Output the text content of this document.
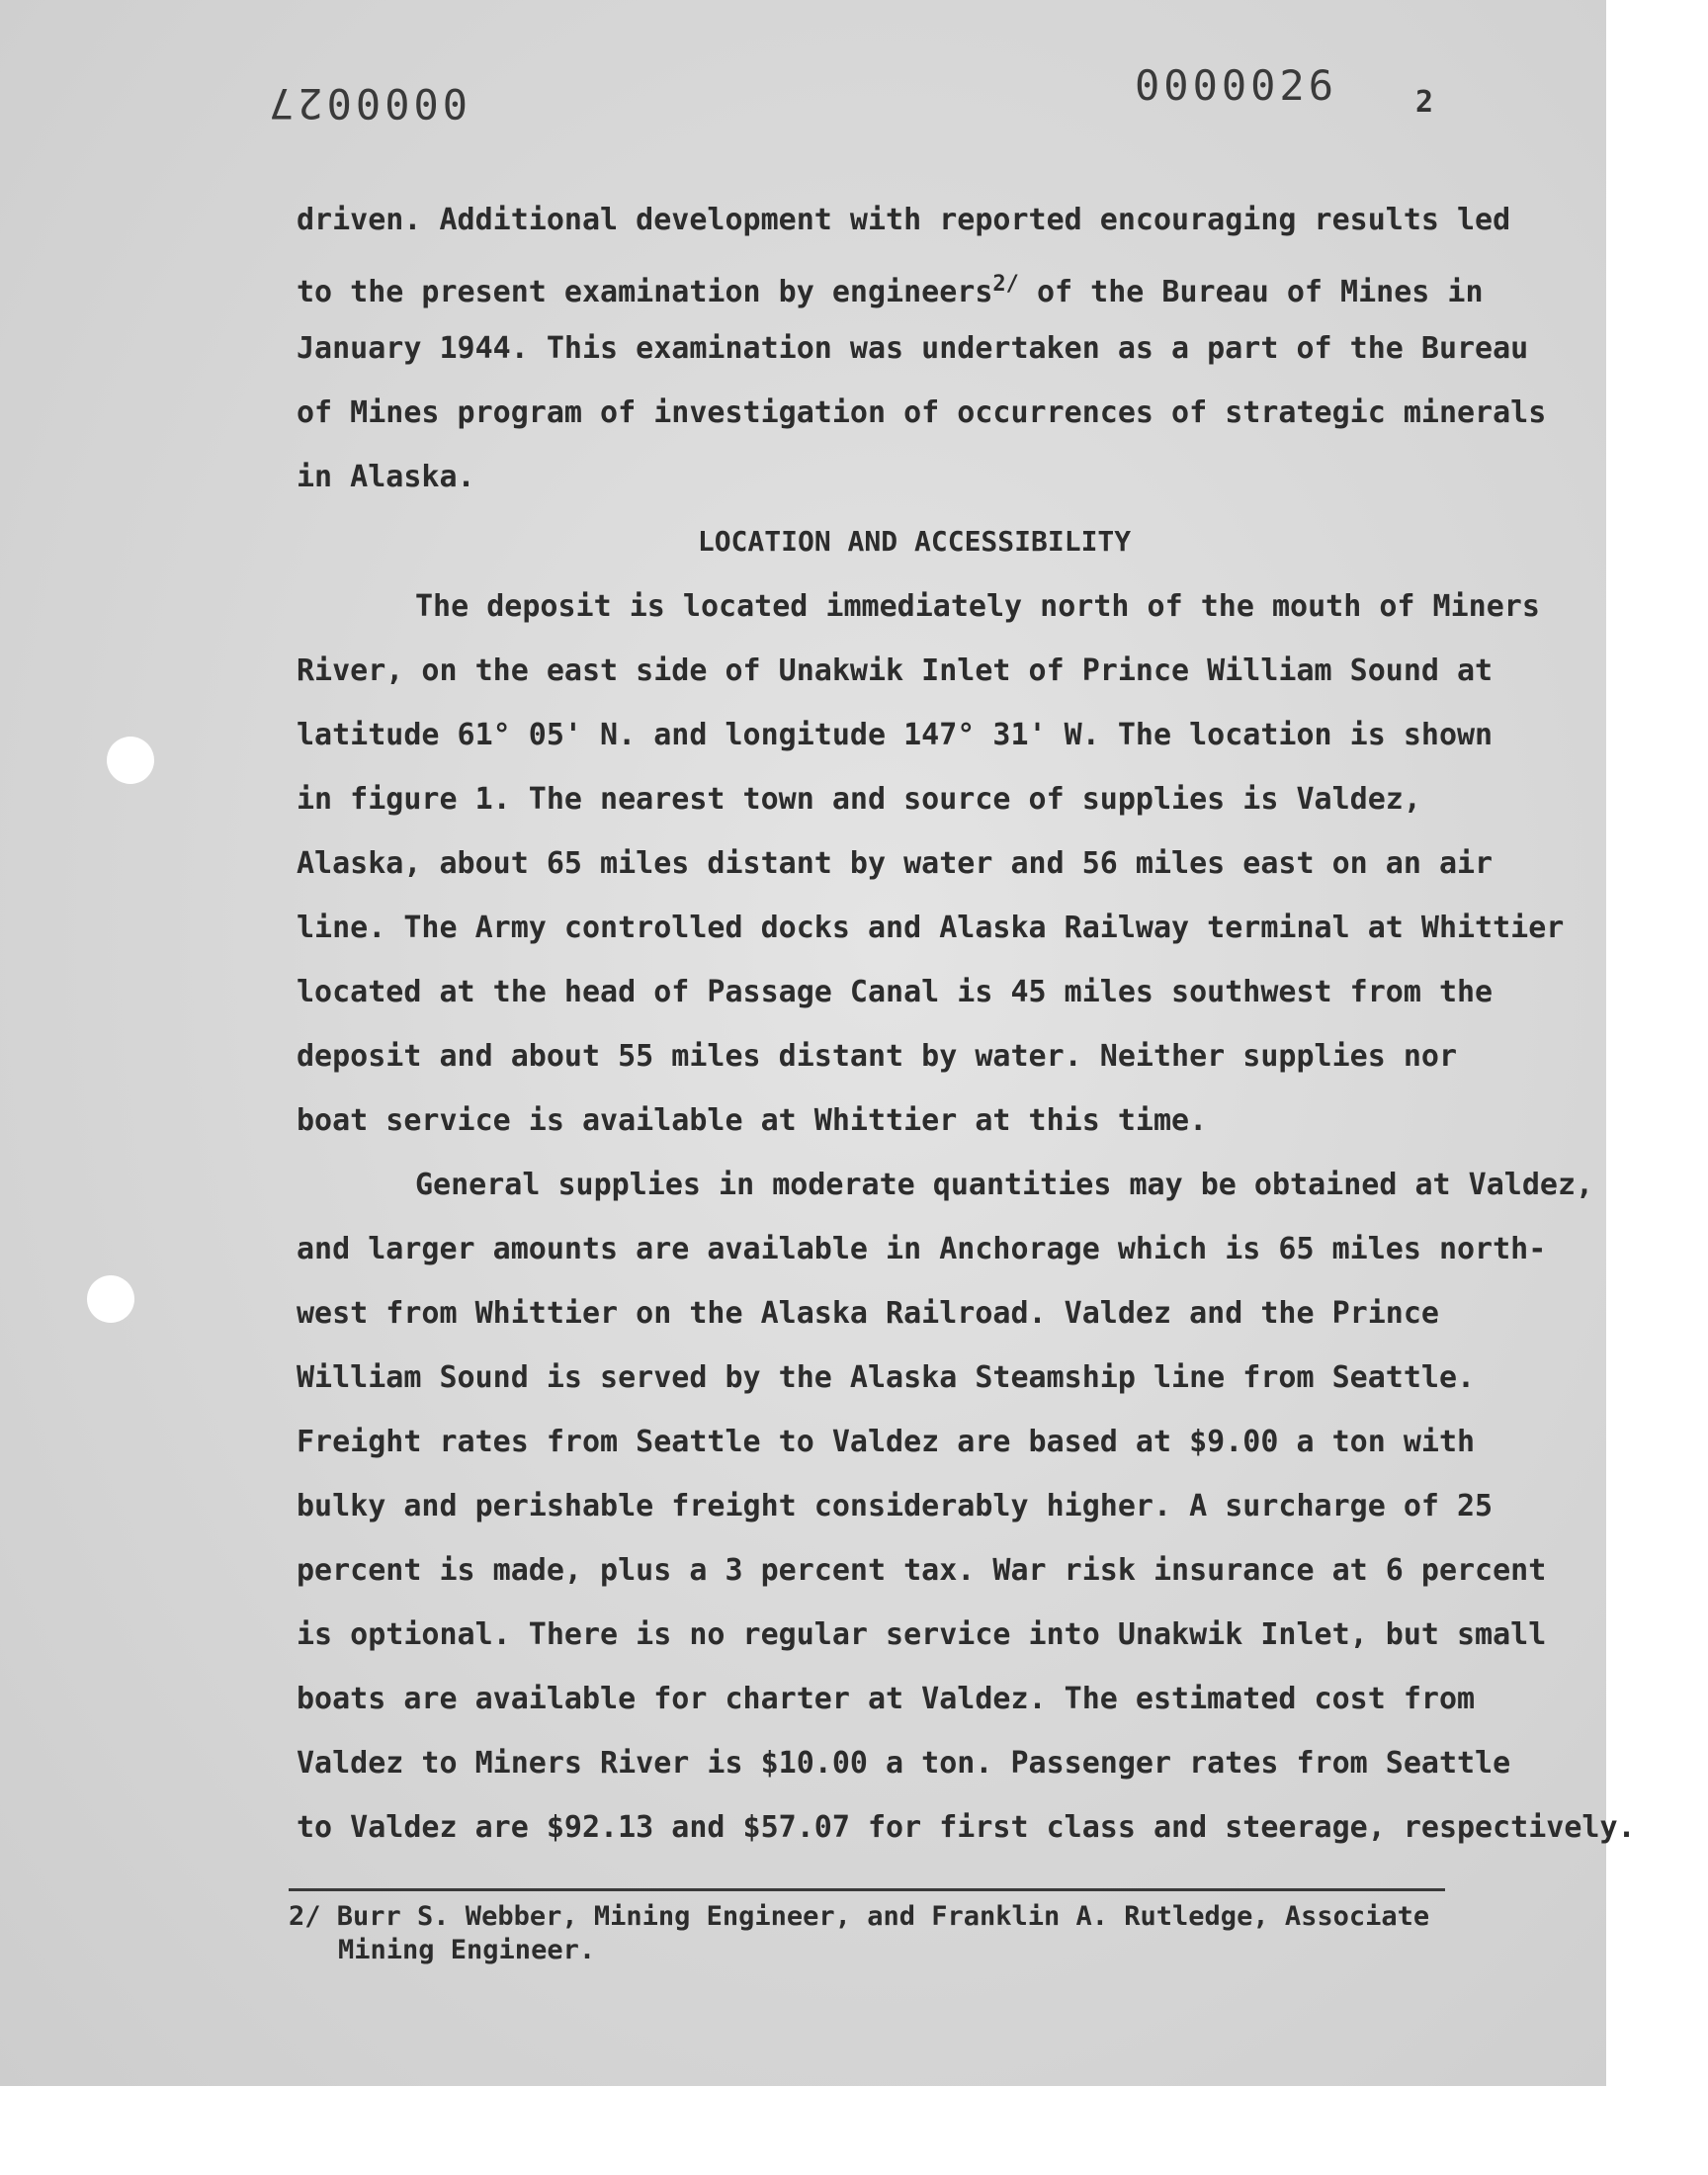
0000027	0000026	2
driven. Additional development with reported encouraging results led
to the present examination by engineers$^{2/}$ of the Bureau of Mines in
January 1944. This examination was undertaken as a part of the Bureau
of Mines program of investigation of occurrences of strategic minerals
in Alaska.
LOCATION AND ACCESSIBILITY
The deposit is located immediately north of the mouth of Miners
River, on the east side of Unakwik Inlet of Prince William Sound at
latitude 61° 05' N. and longitude 147° 31' W. The location is shown
in figure 1. The nearest town and source of supplies is Valdez,
Alaska, about 65 miles distant by water and 56 miles east on an air
line. The Army controlled docks and Alaska Railway terminal at Whittier
located at the head of Passage Canal is 45 miles southwest from the
deposit and about 55 miles distant by water. Neither supplies nor
boat service is available at Whittier at this time.
General supplies in moderate quantities may be obtained at Valdez,
and larger amounts are available in Anchorage which is 65 miles north-
west from Whittier on the Alaska Railroad. Valdez and the Prince
William Sound is served by the Alaska Steamship line from Seattle.
Freight rates from Seattle to Valdez are based at $9.00 a ton with
bulky and perishable freight considerably higher. A surcharge of 25
percent is made, plus a 3 percent tax. War risk insurance at 6 percent
is optional. There is no regular service into Unakwik Inlet, but small
boats are available for charter at Valdez. The estimated cost from
Valdez to Miners River is $10.00 a ton. Passenger rates from Seattle
to Valdez are $92.13 and $57.07 for first class and steerage, respectively.
2/ Burr S. Webber, Mining Engineer, and Franklin A. Rutledge, Associate
Mining Engineer.
